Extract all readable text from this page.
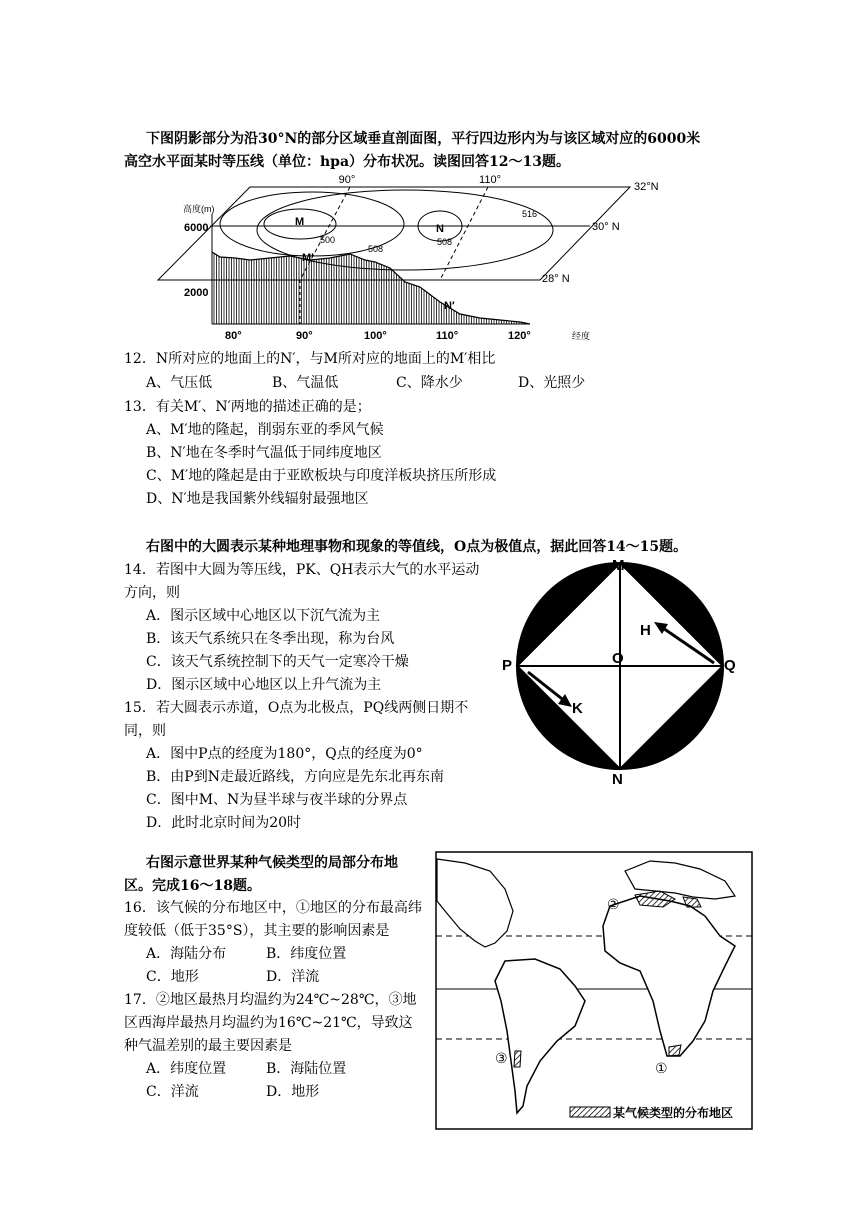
下图阴影部分为沿30°N的部分区域垂直剖面图，平行四边形内为与该区域对应的6000米
高空水平面某时等压线（单位：hpa）分布状况。读图回答12～13题。
90°	110°
32°N
30° N
28° N
高度(m)
6000
2000
80°	90°	100°	110°	120°	经度
500
508
508
516
M
N
M′
N′
12．N所对应的地面上的N′，与M所对应的地面上的M′相比
A、气压低	B、气温低	C、降水少	D、光照少
13．有关M′、N′两地的描述正确的是；
A、M′地的隆起，削弱东亚的季风气候
B、N′地在冬季时气温低于同纬度地区
C、M′地的隆起是由于亚欧板块与印度洋板块挤压所形成
D、N′地是我国紫外线辐射最强地区
右图中的大圆表示某种地理事物和现象的等值线，O点为极值点，据此回答14～15题。
14．若图中大圆为等压线，PK、QH表示大气的水平运动
方向，则
A．图示区域中心地区以下沉气流为主
B．该天气系统只在冬季出现，称为台风
C．该天气系统控制下的天气一定寒冷干燥
D．图示区域中心地区以上升气流为主
15．若大圆表示赤道，O点为北极点，PQ线两侧日期不
同，则
A．图中P点的经度为180°，Q点的经度为0°
B．由P到N走最近路线，方向应是先东北再东南
C．图中M、N为昼半球与夜半球的分界点
D．此时北京时间为20时
M
N
P	Q
O
H
K
右图示意世界某种气候类型的局部分布地
区。完成16～18题。
16．该气候的分布地区中，①地区的分布最高纬
度较低（低于35°S），其主要的影响因素是
A．海陆分布	B．纬度位置
C．地形	D．洋流
17．②地区最热月均温约为24℃~28℃，③地
区西海岸最热月均温约为16℃~21℃，导致这
种气温差别的最主要因素是
A．纬度位置	B．海陆位置
C．洋流	D．地形
②
①
③
某气候类型的分布地区
